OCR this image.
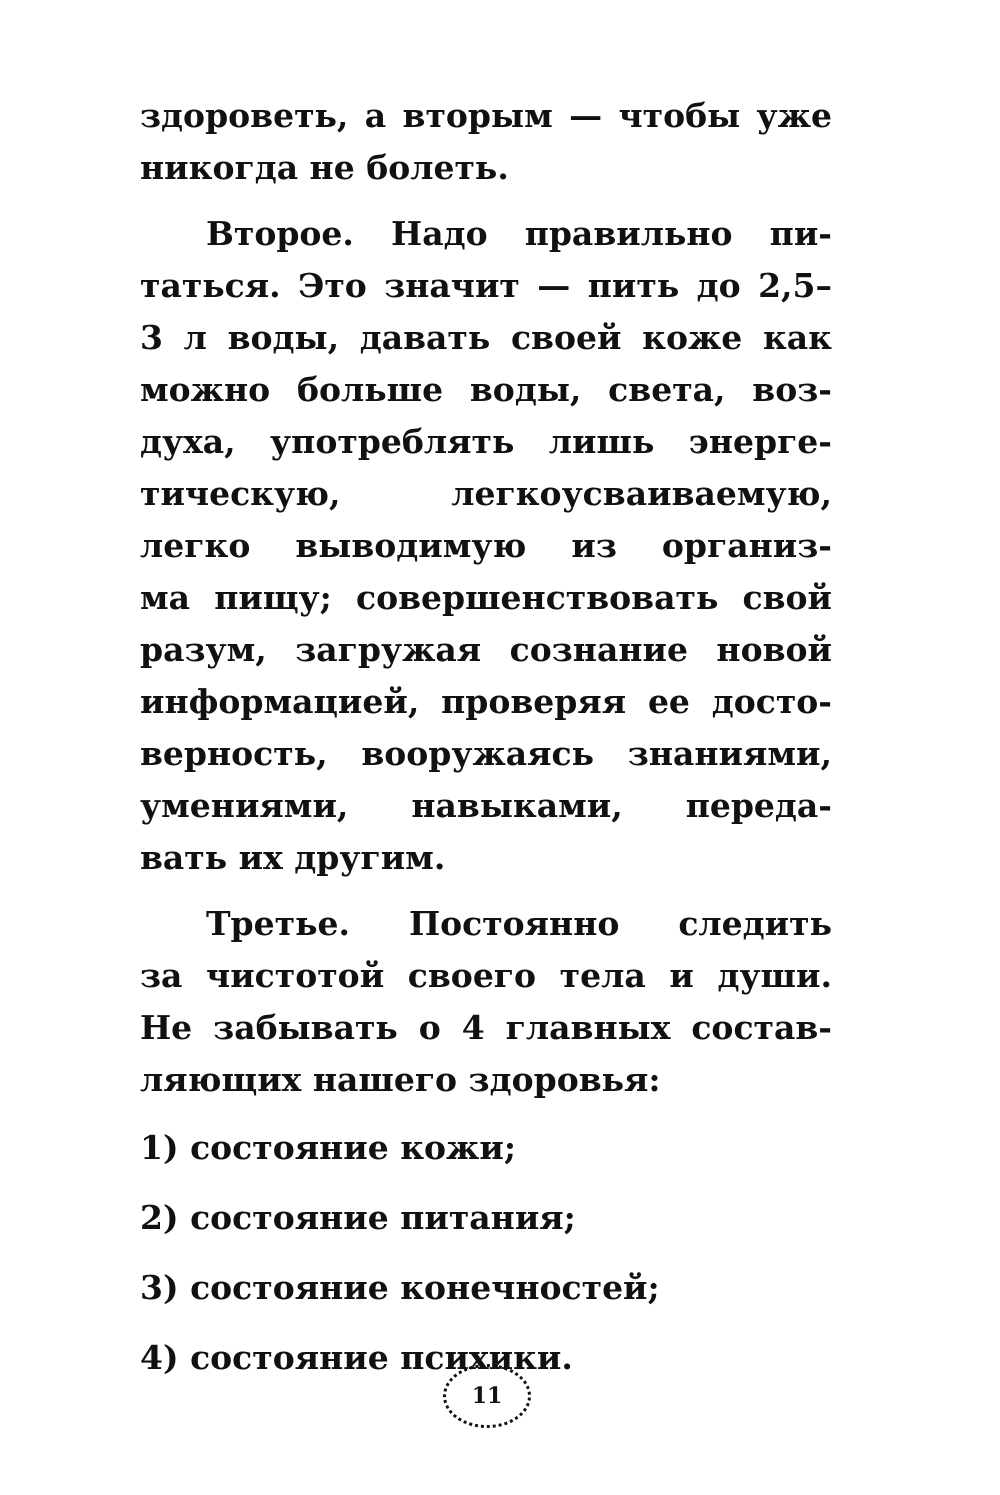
здороветь, а вторым — чтобы уже
никогда не болеть.
Второе. Надо правильно пи-
таться. Это значит — пить до 2,5–
3 л воды, давать своей коже как
можно больше воды, света, воз-
духа, употреблять лишь энерге-
тическую, легкоусваиваемую,
легко выводимую из организ-
ма пищу; совершенствовать свой
разум, загружая сознание новой
информацией, проверяя ее досто-
верность, вооружаясь знаниями,
умениями, навыками, переда-
вать их другим.
Третье. Постоянно следить
за чистотой своего тела и души.
Не забывать о 4 главных состав-
ляющих нашего здоровья:
1) состояние кожи;
2) состояние питания;
3) состояние конечностей;
4) состояние психики.
11
